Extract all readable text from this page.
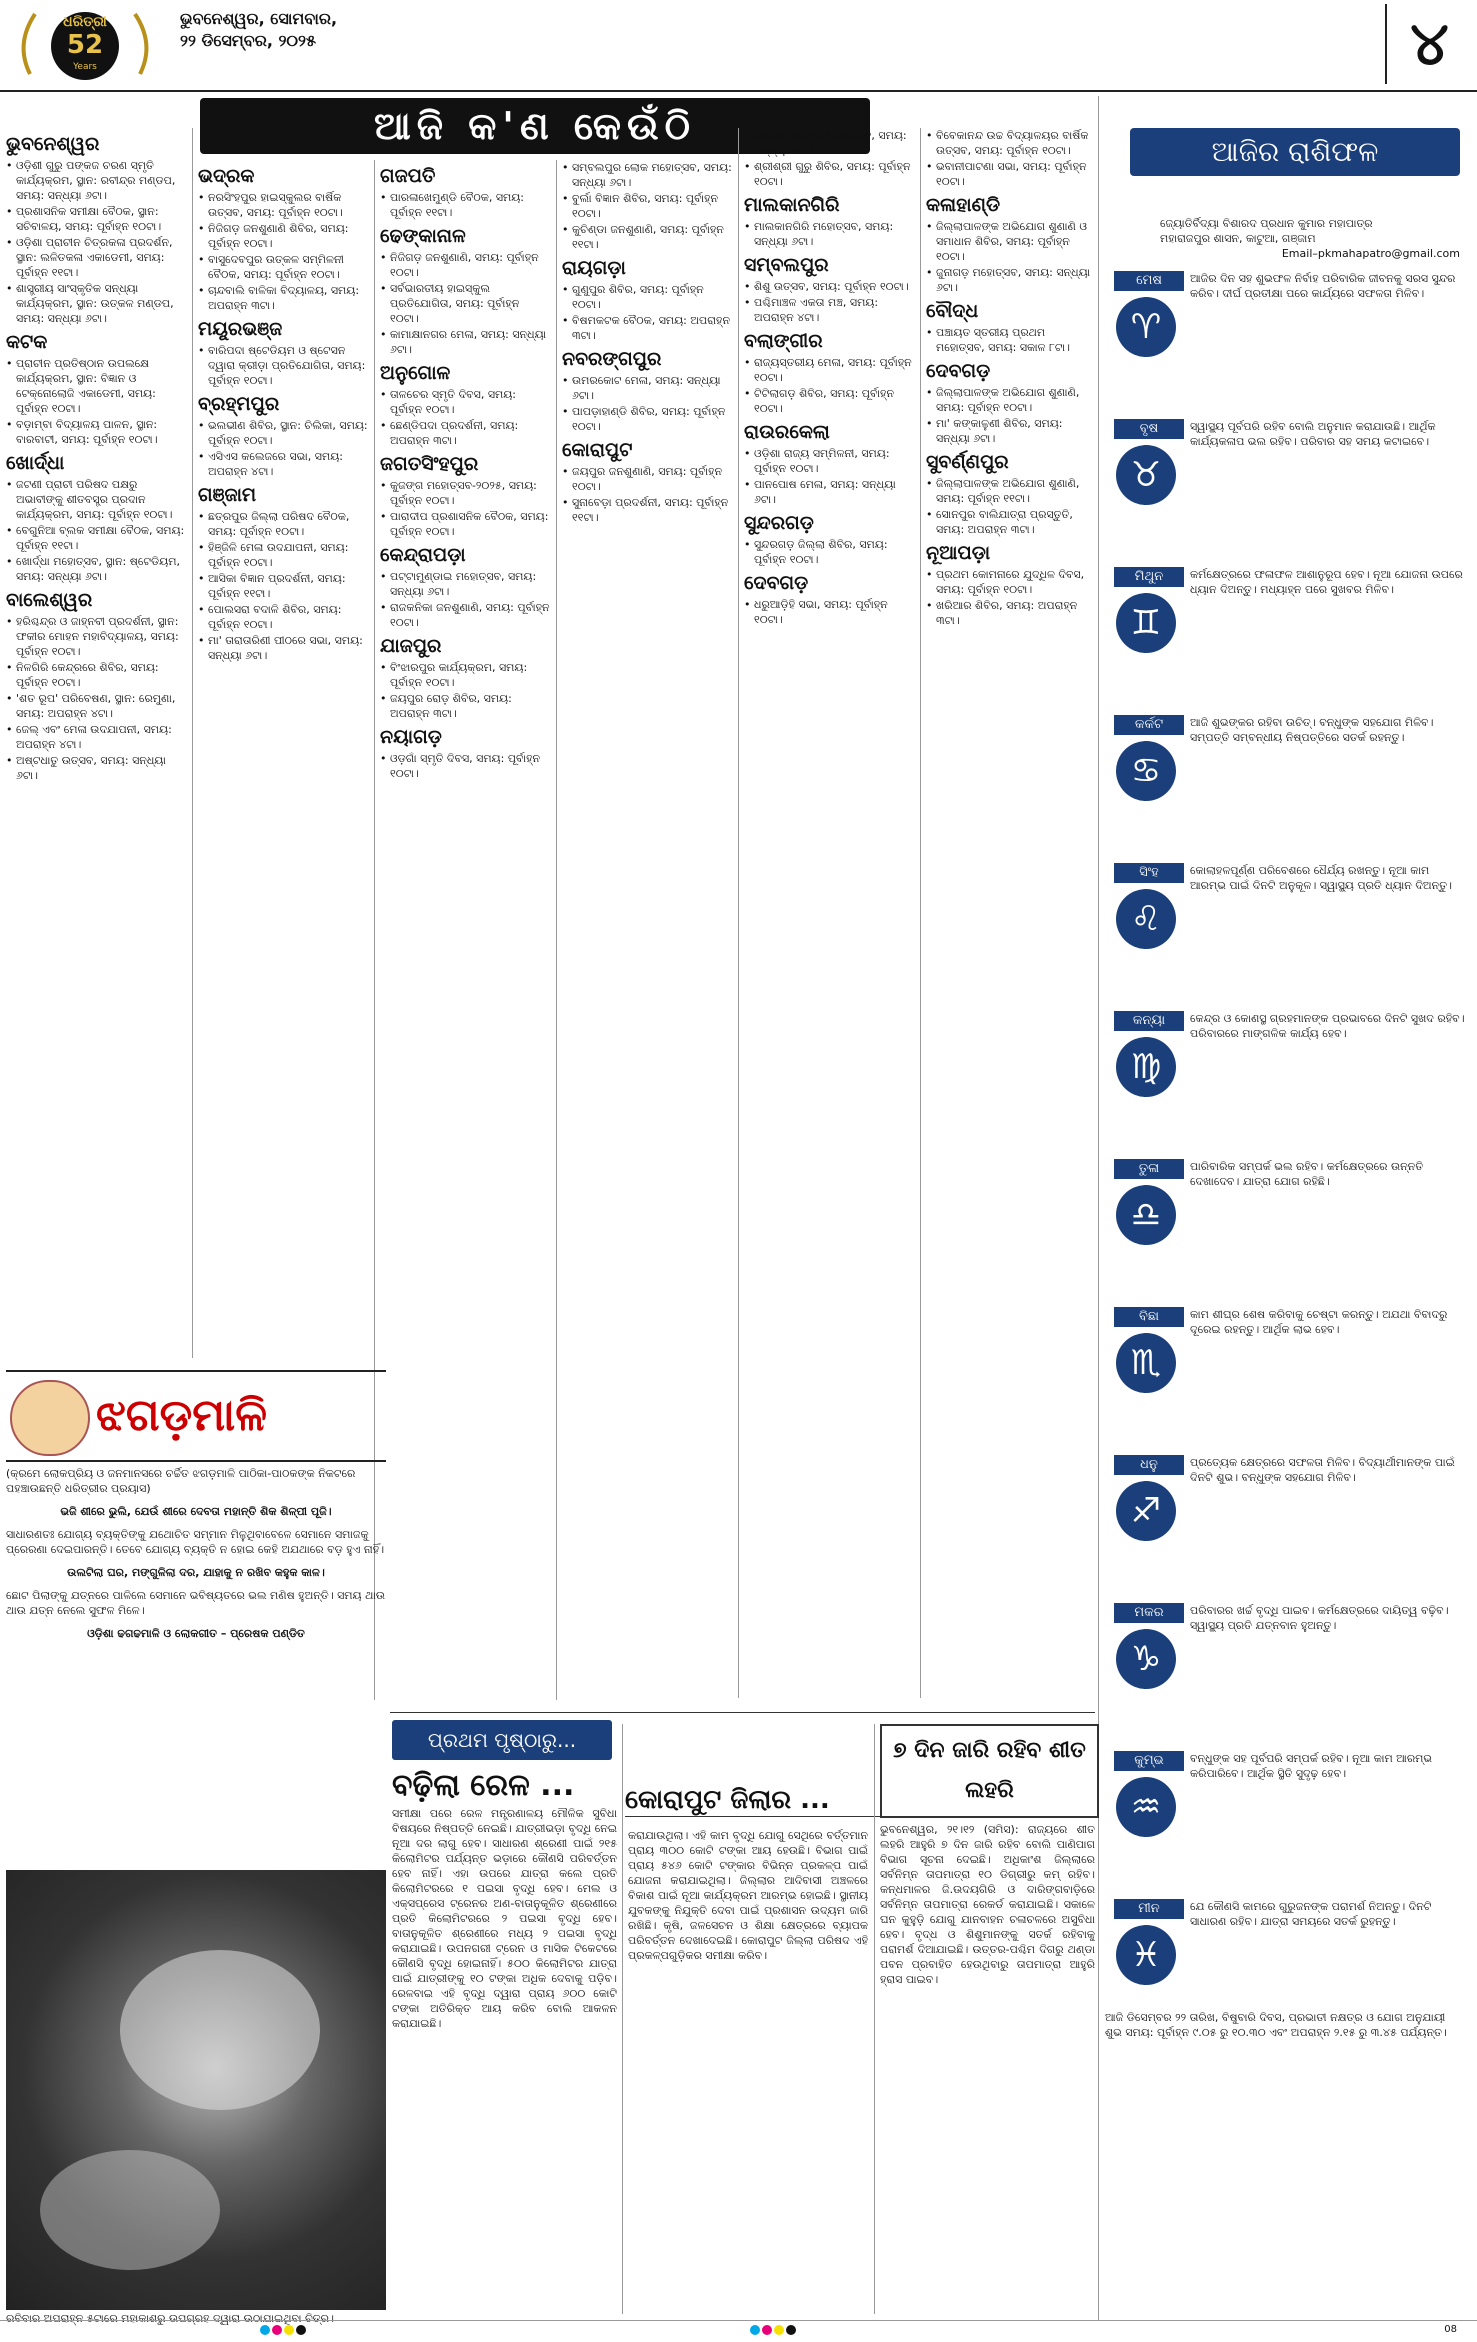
ଧରିତ୍ରୀ
52
Years
ଭୁବନେଶ୍ୱର, ସୋମବାର,
୨୨ ଡିସେମ୍ବର, ୨୦୨୫	୪
ଆଜି କ'ଣ କେଉଁଠି
ଭୁବନେଶ୍ୱର
• ଓଡ଼ିଶୀ ଗୁରୁ ପଙ୍କଜ ଚରଣ ସ୍ମୃତି କାର୍ଯ୍ୟକ୍ରମ, ସ୍ଥାନ: ରବୀନ୍ଦ୍ର ମଣ୍ଡପ, ସମୟ: ସନ୍ଧ୍ୟା ୬ଟା।
• ପ୍ରଶାସନିକ ସମୀକ୍ଷା ବୈଠକ, ସ୍ଥାନ: ସଚିବାଳୟ, ସମୟ: ପୂର୍ବାହ୍ନ ୧୦ଟା।
• ଓଡ଼ିଶା ପ୍ରାଚୀନ ଚିତ୍ରକଳା ପ୍ରଦର୍ଶନ, ସ୍ଥାନ: ଲଳିତକଳା ଏକାଡେମୀ, ସମୟ: ପୂର୍ବାହ୍ନ ୧୧ଟା।
• ଶାସ୍ତ୍ରୀୟ ସାଂସ୍କୃତିକ ସନ୍ଧ୍ୟା କାର୍ଯ୍ୟକ୍ରମ, ସ୍ଥାନ: ଉତ୍କଳ ମଣ୍ଡପ, ସମୟ: ସନ୍ଧ୍ୟା ୬ଟା।
କଟକ
• ପ୍ରାଚୀନ ପ୍ରତିଷ୍ଠାନ ଉପଲକ୍ଷେ କାର୍ଯ୍ୟକ୍ରମ, ସ୍ଥାନ: ବିଜ୍ଞାନ ଓ ଟେକ୍ନୋଲୋଜି ଏକାଡେମୀ, ସମୟ: ପୂର୍ବାହ୍ନ ୧୦ଟା।
• ବଡ଼ାମ୍ବା ବିଦ୍ୟାଳୟ ପାଳନ, ସ୍ଥାନ: ବାରବାଟୀ, ସମୟ: ପୂର୍ବାହ୍ନ ୧୦ଟା।
ଖୋର୍ଦ୍ଧା
• ଜଟଣୀ ପ୍ରାଚୀ ପରିଷଦ ପକ୍ଷରୁ ଅଭାବୀଙ୍କୁ ଶୀତବସ୍ତ୍ର ପ୍ରଦାନ କାର୍ଯ୍ୟକ୍ରମ, ସମୟ: ପୂର୍ବାହ୍ନ ୧୦ଟା।
• ବେଗୁନିଆ ବ୍ଲକ ସମୀକ୍ଷା ବୈଠକ, ସମୟ: ପୂର୍ବାହ୍ନ ୧୧ଟା।
• ଖୋର୍ଦ୍ଧା ମହୋତ୍ସବ, ସ୍ଥାନ: ଷ୍ଟେଡିୟମ, ସମୟ: ସନ୍ଧ୍ୟା ୬ଟା।
ବାଲେଶ୍ୱର
• ହରିଶ୍ଚନ୍ଦ୍ର ଓ ଜାହ୍ନବୀ ପ୍ରଦର୍ଶନୀ, ସ୍ଥାନ: ଫକୀର ମୋହନ ମହାବିଦ୍ୟାଳୟ, ସମୟ: ପୂର୍ବାହ୍ନ ୧୦ଟା।
• ନିଳଗିରି କେନ୍ଦ୍ରରେ ଶିବିର, ସମୟ: ପୂର୍ବାହ୍ନ ୧୦ଟା।
• 'ଶତ ରୂପ' ପରିବେଷଣ, ସ୍ଥାନ: ରେମୁଣା, ସମୟ: ଅପରାହ୍ନ ୪ଟା।
• ଜେଲ୍ ଏବଂ ମେଳା ଉଦଯାପନୀ, ସମୟ: ଅପରାହ୍ନ ୪ଟା।
• ଅଷ୍ଟଧାତୁ ଉତ୍ସବ, ସମୟ: ସନ୍ଧ୍ୟା ୬ଟା।
ଭଦ୍ରକ
• ନରସିଂହପୁର ହାଇସ୍କୁଲର ବାର୍ଷିକ ଉତ୍ସବ, ସମୟ: ପୂର୍ବାହ୍ନ ୧୦ଟା।
• ନିଜିଗଡ଼ ଜନଶୁଣାଣି ଶିବିର, ସମୟ: ପୂର୍ବାହ୍ନ ୧୦ଟା।
• ବାସୁଦେବପୁର ଉତ୍କଳ ସମ୍ମିଳନୀ ବୈଠକ, ସମୟ: ପୂର୍ବାହ୍ନ ୧୦ଟା।
• ଚାନ୍ଦବାଲି ବାଳିକା ବିଦ୍ୟାଳୟ, ସମୟ: ଅପରାହ୍ନ ୩ଟା।
ମୟୂରଭଞ୍ଜ
• ବାରିପଦା ଷ୍ଟେଡିୟମ ଓ ଷ୍ଟେସନ ଦ୍ୱାରା କ୍ରୀଡ଼ା ପ୍ରତିଯୋଗିତା, ସମୟ: ପୂର୍ବାହ୍ନ ୧୦ଟା।
ବ୍ରହ୍ମପୁର
• ଭଲଭୀଣ ଶିବିର, ସ୍ଥାନ: ଚିଲିକା, ସମୟ: ପୂର୍ବାହ୍ନ ୧୦ଟା।
• ଏସିଏସ କଲେଜରେ ସଭା, ସମୟ: ଅପରାହ୍ନ ୪ଟା।
ଗଞ୍ଜାମ
• ଛତ୍ରପୁର ଜିଲ୍ଲା ପରିଷଦ ବୈଠକ, ସମୟ: ପୂର୍ବାହ୍ନ ୧୦ଟା।
• ହିଞ୍ଜିଳି ମେଳା ଉଦଯାପନୀ, ସମୟ: ପୂର୍ବାହ୍ନ ୧୦ଟା।
• ଆସିକା ବିଜ୍ଞାନ ପ୍ରଦର୍ଶନୀ, ସମୟ: ପୂର୍ବାହ୍ନ ୧୧ଟା।
• ପୋଲସରା ବଦାଳି ଶିବିର, ସମୟ: ପୂର୍ବାହ୍ନ ୧୦ଟା।
• ମା' ତାରାତାରିଣୀ ପୀଠରେ ସଭା, ସମୟ: ସନ୍ଧ୍ୟା ୬ଟା।
ଗଜପତି
• ପାରଳାଖେମୁଣ୍ଡି ବୈଠକ, ସମୟ: ପୂର୍ବାହ୍ନ ୧୧ଟା।
ଢେଙ୍କାନାଳ
• ନିଜିଗଡ଼ ଜନଶୁଣାଣି, ସମୟ: ପୂର୍ବାହ୍ନ ୧୦ଟା।
• ସର୍ବଭାରତୀୟ ହାଇସ୍କୁଲ ପ୍ରତିଯୋଗିତା, ସମୟ: ପୂର୍ବାହ୍ନ ୧୦ଟା।
• କାମାକ୍ଷାନଗର ମେଳା, ସମୟ: ସନ୍ଧ୍ୟା ୬ଟା।
ଅନୁଗୋଳ
• ତାଳଚେର ସ୍ମୃତି ଦିବସ, ସମୟ: ପୂର୍ବାହ୍ନ ୧୦ଟା।
• ଛେଣ୍ଡିପଦା ପ୍ରଦର୍ଶନୀ, ସମୟ: ଅପରାହ୍ନ ୩ଟା।
ଜଗତସିଂହପୁର
• କୁଜଙ୍ଗ ମହୋତ୍ସବ-୨୦୨୫, ସମୟ: ପୂର୍ବାହ୍ନ ୧୦ଟା।
• ପାରାଦୀପ ପ୍ରଶାସନିକ ବୈଠକ, ସମୟ: ପୂର୍ବାହ୍ନ ୧୦ଟା।
କେନ୍ଦ୍ରାପଡ଼ା
• ପଟ୍ଟାମୁଣ୍ଡାଇ ମହୋତ୍ସବ, ସମୟ: ସନ୍ଧ୍ୟା ୬ଟା।
• ରାଜକନିକା ଜନଶୁଣାଣି, ସମୟ: ପୂର୍ବାହ୍ନ ୧୦ଟା।
ଯାଜପୁର
• ବିଂଝାରପୁର କାର୍ଯ୍ୟକ୍ରମ, ସମୟ: ପୂର୍ବାହ୍ନ ୧୦ଟା।
• ଜୟପୁର ରୋଡ଼ ଶିବିର, ସମୟ: ଅପରାହ୍ନ ୩ଟା।
ନୟାଗଡ଼
• ଓଡ଼ଗାଁ ସ୍ମୃତି ଦିବସ, ସମୟ: ପୂର୍ବାହ୍ନ ୧୦ଟା।
• ସମ୍ବଲପୁର ଲୋକ ମହୋତ୍ସବ, ସମୟ: ସନ୍ଧ୍ୟା ୬ଟା।
• ବୁର୍ଲା ବିଜ୍ଞାନ ଶିବିର, ସମୟ: ପୂର୍ବାହ୍ନ ୧୦ଟା।
• କୁଚିଣ୍ଡା ଜନଶୁଣାଣି, ସମୟ: ପୂର୍ବାହ୍ନ ୧୧ଟା।
ରାୟଗଡ଼ା
• ଗୁଣୁପୁର ଶିବିର, ସମୟ: ପୂର୍ବାହ୍ନ ୧୦ଟା।
• ବିଷମକଟକ ବୈଠକ, ସମୟ: ଅପରାହ୍ନ ୩ଟା।
ନବରଙ୍ଗପୁର
• ଉମରକୋଟ ମେଳା, ସମୟ: ସନ୍ଧ୍ୟା ୬ଟା।
• ପାପଡ଼ାହାଣ୍ଡି ଶିବିର, ସମୟ: ପୂର୍ବାହ୍ନ ୧୦ଟା।
କୋରାପୁଟ
• ଜୟପୁର ଜନଶୁଣାଣି, ସମୟ: ପୂର୍ବାହ୍ନ ୧୦ଟା।
• ସୁନାବେଡ଼ା ପ୍ରଦର୍ଶନୀ, ସମୟ: ପୂର୍ବାହ୍ନ ୧୧ଟା।
• ସାମ୍ବଲ କେନ୍ଦ୍ର ମହୋତ୍ସବ, ସମୟ: ସନ୍ଧ୍ୟା ୬ଟା।
• ଶ୍ରୀଶ୍ରୀ ଗୁରୁ ଶିବିର, ସମୟ: ପୂର୍ବାହ୍ନ ୧୦ଟା।
ମାଲକାନଗିରି
• ମାଲକାନଗିରି ମହୋତ୍ସବ, ସମୟ: ସନ୍ଧ୍ୟା ୬ଟା।
ସମ୍ବଲପୁର
• ଶିଶୁ ଉତ୍ସବ, ସମୟ: ପୂର୍ବାହ୍ନ ୧୦ଟା।
• ପଶ୍ଚିମାଞ୍ଚଳ ଏକତା ମଞ୍ଚ, ସମୟ: ଅପରାହ୍ନ ୪ଟା।
ବଲାଙ୍ଗୀର
• ରାଜ୍ୟସ୍ତରୀୟ ମେଳା, ସମୟ: ପୂର୍ବାହ୍ନ ୧୦ଟା।
• ଟିଟିଲାଗଡ଼ ଶିବିର, ସମୟ: ପୂର୍ବାହ୍ନ ୧୦ଟା।
ରାଉରକେଲା
• ଓଡ଼ିଶା ରାଜ୍ୟ ସମ୍ମିଳନୀ, ସମୟ: ପୂର୍ବାହ୍ନ ୧୦ଟା।
• ପାନପୋଷ ମେଳା, ସମୟ: ସନ୍ଧ୍ୟା ୬ଟା।
ସୁନ୍ଦରଗଡ଼
• ସୁନ୍ଦରଗଡ଼ ଜିଲ୍ଲା ଶିବିର, ସମୟ: ପୂର୍ବାହ୍ନ ୧୦ଟା।
ଦେବଗଡ଼
• ଧରୁଆଡ଼ିହି ସଭା, ସମୟ: ପୂର୍ବାହ୍ନ ୧୦ଟା।
• ବିବେକାନନ୍ଦ ଉଚ୍ଚ ବିଦ୍ୟାଳୟର ବାର୍ଷିକ ଉତ୍ସବ, ସମୟ: ପୂର୍ବାହ୍ନ ୧୦ଟା।
• ଭବାନୀପାଟଣା ସଭା, ସମୟ: ପୂର୍ବାହ୍ନ ୧୦ଟା।
କଳାହାଣ୍ଡି
• ଜିଲ୍ଲାପାଳଙ୍କ ଅଭିଯୋଗ ଶୁଣାଣି ଓ ସମାଧାନ ଶିବିର, ସମୟ: ପୂର୍ବାହ୍ନ ୧୦ଟା।
• ଜୁନାଗଡ଼ ମହୋତ୍ସବ, ସମୟ: ସନ୍ଧ୍ୟା ୬ଟା।
ବୌଦ୍ଧ
• ପଞ୍ଚାୟତ ସ୍ତରୀୟ ପ୍ରଥମ ମହୋତ୍ସବ, ସମୟ: ସକାଳ ୮ଟା।
ଦେବଗଡ଼
• ଜିଲ୍ଲାପାଳଙ୍କ ଅଭିଯୋଗ ଶୁଣାଣି, ସମୟ: ପୂର୍ବାହ୍ନ ୧୦ଟା।
• ମା' କଙ୍କାଳୁଣୀ ଶିବିର, ସମୟ: ସନ୍ଧ୍ୟା ୬ଟା।
ସୁବର୍ଣ୍ଣପୁର
• ଜିଲ୍ଲାପାଳଙ୍କ ଅଭିଯୋଗ ଶୁଣାଣି, ସମୟ: ପୂର୍ବାହ୍ନ ୧୧ଟା।
• ସୋନପୁର ବାଲିଯାତ୍ରା ପ୍ରସ୍ତୁତି, ସମୟ: ଅପରାହ୍ନ ୩ଟା।
ନୂଆପଡ଼ା
• ପ୍ରଥମ କୋମନାରେ ଯୁଦ୍ଧିଳ ଦିବସ, ସମୟ: ପୂର୍ବାହ୍ନ ୧୦ଟା।
• ଖରିଆର ଶିବିର, ସମୟ: ଅପରାହ୍ନ ୩ଟା।
ଆଜିର ରାଶିଫଳ
ଜ୍ୟୋତିର୍ବିଦ୍ୟା ବିଶାରଦ ପ୍ରଧାନ କୁମାର ମହାପାତ୍ର
ମହାରାଜପୁର ଶାସନ, କାଟୁଆ, ଗଞ୍ଜାମ
Email–pkmahapatro@gmail.com
ମେଷ
♈
ଆଜିର ଦିନ ସହ ଶୁଭଫଳ ନିର୍ବାହ ପରିବାରିକ ଜୀବନକୁ ସରସ ସୁନ୍ଦର କରିବ। ଦୀର୍ଘ ପ୍ରତୀକ୍ଷା ପରେ କାର୍ଯ୍ୟରେ ସଫଳତା ମିଳିବ।
ବୃଷ
♉
ସ୍ୱାସ୍ଥ୍ୟ ପୂର୍ବପରି ରହିବ ବୋଲି ଅନୁମାନ କରାଯାଉଛି। ଆର୍ଥିକ କାର୍ଯ୍ୟକଳାପ ଭଲ ରହିବ। ପରିବାର ସହ ସମୟ କଟାଇବେ।
ମିଥୁନ
♊
କର୍ମକ୍ଷେତ୍ରରେ ଫଳାଫଳ ଆଶାନୁରୂପ ହେବ। ନୂଆ ଯୋଜନା ଉପରେ ଧ୍ୟାନ ଦିଅନ୍ତୁ। ମଧ୍ୟାହ୍ନ ପରେ ସୁଖବର ମିଳିବ।
କର୍କଟ
♋
ଆଜି ଶୁଭଙ୍କର ରହିବା ଉଚିତ୍। ବନ୍ଧୁଙ୍କ ସହଯୋଗ ମିଳିବ। ସମ୍ପତ୍ତି ସମ୍ବନ୍ଧୀୟ ନିଷ୍ପତ୍ତିରେ ସତର୍କ ରହନ୍ତୁ।
ସିଂହ
♌
କୋଲାହଳପୂର୍ଣ୍ଣ ପରିବେଶରେ ଧୈର୍ଯ୍ୟ ରଖନ୍ତୁ। ନୂଆ କାମ ଆରମ୍ଭ ପାଇଁ ଦିନଟି ଅନୁକୂଳ। ସ୍ୱାସ୍ଥ୍ୟ ପ୍ରତି ଧ୍ୟାନ ଦିଅନ୍ତୁ।
କନ୍ୟା
♍
କେନ୍ଦ୍ର ଓ କୋଣସ୍ଥ ଗ୍ରହମାନଙ୍କ ପ୍ରଭାବରେ ଦିନଟି ସୁଖଦ ରହିବ। ପରିବାରରେ ମାଙ୍ଗଳିକ କାର୍ଯ୍ୟ ହେବ।
ତୁଳା
♎
ପାରିବାରିକ ସମ୍ପର୍କ ଭଲ ରହିବ। କର୍ମକ୍ଷେତ୍ରରେ ଉନ୍ନତି ଦେଖାଦେବ। ଯାତ୍ରା ଯୋଗ ରହିଛି।
ବିଛା
♏
କାମ ଶୀଘ୍ର ଶେଷ କରିବାକୁ ଚେଷ୍ଟା କରନ୍ତୁ। ଅଯଥା ବିବାଦରୁ ଦୂରେଇ ରହନ୍ତୁ। ଆର୍ଥିକ ଲାଭ ହେବ।
ଧନୁ
♐
ପ୍ରତ୍ୟେକ କ୍ଷେତ୍ରରେ ସଫଳତା ମିଳିବ। ବିଦ୍ୟାର୍ଥୀମାନଙ୍କ ପାଇଁ ଦିନଟି ଶୁଭ। ବନ୍ଧୁଙ୍କ ସହଯୋଗ ମିଳିବ।
ମକର
♑
ପରିବାରର ଖର୍ଚ୍ଚ ବୃଦ୍ଧି ପାଇବ। କର୍ମକ୍ଷେତ୍ରରେ ଦାୟିତ୍ୱ ବଢ଼ିବ। ସ୍ୱାସ୍ଥ୍ୟ ପ୍ରତି ଯତ୍ନବାନ ହୁଅନ୍ତୁ।
କୁମ୍ଭ
♒
ବନ୍ଧୁଙ୍କ ସହ ପୂର୍ବପରି ସମ୍ପର୍କ ରହିବ। ନୂଆ କାମ ଆରମ୍ଭ କରିପାରିବେ। ଆର୍ଥିକ ସ୍ଥିତି ସୁଦୃଢ଼ ହେବ।
ମୀନ
♓
ଯେ କୌଣସି କାମରେ ଗୁରୁଜନଙ୍କ ପରାମର୍ଶ ନିଅନ୍ତୁ। ଦିନଟି ସାଧାରଣ ରହିବ। ଯାତ୍ରା ସମୟରେ ସତର୍କ ରୁହନ୍ତୁ।
ଆଜି ଡିସେମ୍ବର ୨୨ ତାରିଖ, ବିଷୁବାରି ଦିବସ, ପ୍ରଭାତୀ ନକ୍ଷତ୍ର ଓ ଯୋଗ ଅନୁଯାୟୀ ଶୁଭ ସମୟ: ପୂର୍ବାହ୍ନ ୯.୦୫ ରୁ ୧୦.୩୦ ଏବଂ ଅପରାହ୍ନ ୨.୧୫ ରୁ ୩.୪୫ ପର୍ଯ୍ୟନ୍ତ।
ଝଗଡ଼ମାଳି

(କ୍ରମେ ଲୋକପ୍ରିୟ ଓ ଜନମାନସରେ ଚର୍ଚ୍ଚିତ ଝଗଡ଼ମାଳି ପାଠିକା-ପାଠକଙ୍କ ନିକଟରେ ପହଞ୍ଚାଉଛନ୍ତି ଧରିତ୍ରୀର ପ୍ରୟାସ)

ଭଜି ଶୀରେ ଭୁଲି, ଯେଉଁ ଶୀରେ ଦେବତା ମହାନ୍ତି ଶିକ ଶିଳ୍ପୀ ପୂଜି।

ସାଧାରଣତଃ ଯୋଗ୍ୟ ବ୍ୟକ୍ତିଙ୍କୁ ଯଥୋଚିତ ସମ୍ମାନ ମିଳୁଥିବାବେଳେ ସେମାନେ ସମାଜକୁ ପ୍ରେରଣା ଦେଇପାରନ୍ତି। ତେବେ ଯୋଗ୍ୟ ବ୍ୟକ୍ତି ନ ହୋଇ କେହି ଅଯଥାରେ ବଡ଼ ହୁଏ ନାହିଁ।

ଉଲଟିଲା ଘର, ମଙ୍ଗୁଳିଲା ଦର, ଯାହାକୁ ନ ରଖିବ କହୁକ କାଳ।

ଛୋଟ ପିଲାଙ୍କୁ ଯତ୍ନରେ ପାଳିଲେ ସେମାନେ ଭବିଷ୍ୟତରେ ଭଲ ମଣିଷ ହୁଅନ୍ତି। ସମୟ ଥାଉ ଥାଉ ଯତ୍ନ ନେଲେ ସୁଫଳ ମିଳେ।

ଓଡ଼ିଶା ଢଗଢମାଳି ଓ ଲୋକଗୀତ – ପ୍ରେଷକ ପଣ୍ଡିତ

ରବିବାର ଅପରାହ୍ନ ୫ଟାରେ ମହାକାଶରୁ ଉପଗ୍ରହ ଦ୍ୱାରା ଉଠାଯାଇଥିବା ଚିତ୍ର।
ପ୍ରଥମ ପୃଷ୍ଠାରୁ...
ବଢ଼ିଲା ରେଳ ...
ସମୀକ୍ଷା ପରେ ରେଳ ମନ୍ତ୍ରଣାଳୟ ମୌଳିକ ସୁବିଧା ବିଷୟରେ ନିଷ୍ପତ୍ତି ନେଇଛି। ଯାତ୍ରୀଭଡ଼ା ବୃଦ୍ଧି ନେଇ ନୂଆ ଦର ଲାଗୁ ହେବ। ସାଧାରଣ ଶ୍ରେଣୀ ପାଇଁ ୨୧୫ କିଲୋମିଟର ପର୍ଯ୍ୟନ୍ତ ଭଡ଼ାରେ କୌଣସି ପରିବର୍ତ୍ତନ ହେବ ନାହିଁ। ଏହା ଉପରେ ଯାତ୍ରା କଲେ ପ୍ରତି କିଲୋମିଟରରେ ୧ ପଇସା ବୃଦ୍ଧି ହେବ। ମେଲ ଓ ଏକ୍ସପ୍ରେସ ଟ୍ରେନର ଅଣ-ବାତାନୁକୂଳିତ ଶ୍ରେଣୀରେ ପ୍ରତି କିଲୋମିଟରରେ ୨ ପଇସା ବୃଦ୍ଧି ହେବ। ବାତାନୁକୂଳିତ ଶ୍ରେଣୀରେ ମଧ୍ୟ ୨ ପଇସା ବୃଦ୍ଧି କରାଯାଇଛି। ଉପନଗରୀ ଟ୍ରେନ ଓ ମାସିକ ଟିକେଟରେ କୌଣସି ବୃଦ୍ଧି ହୋଇନାହିଁ। ୫୦୦ କିଲୋମିଟର ଯାତ୍ରା ପାଇଁ ଯାତ୍ରୀଙ୍କୁ ୧୦ ଟଙ୍କା ଅଧିକ ଦେବାକୁ ପଡ଼ିବ। ରେଳବାଇ ଏହି ବୃଦ୍ଧି ଦ୍ୱାରା ପ୍ରାୟ ୬୦୦ କୋଟି ଟଙ୍କା ଅତିରିକ୍ତ ଆୟ କରିବ ବୋଲି ଆକଳନ କରାଯାଇଛି।
କୋରାପୁଟ ଜିଲାର ...
କରାଯାଉଥିଲା। ଏହି କାମ ବୃଦ୍ଧି ଯୋଗୁ ସେଥିରେ ବର୍ତ୍ତମାନ ପ୍ରାୟ ୩୦୦ କୋଟି ଟଙ୍କା ଆୟ ହେଉଛି। ବିଭାଗ ପାଇଁ ପ୍ରାୟ ୫୪୬ କୋଟି ଟଙ୍କାର ବିଭିନ୍ନ ପ୍ରକଳ୍ପ ପାଇଁ ଯୋଜନା କରାଯାଇଥିଲା। ଜିଲ୍ଲାର ଆଦିବାସୀ ଅଞ୍ଚଳରେ ବିକାଶ ପାଇଁ ନୂଆ କାର୍ଯ୍ୟକ୍ରମ ଆରମ୍ଭ ହୋଇଛି। ସ୍ଥାନୀୟ ଯୁବକଙ୍କୁ ନିଯୁକ୍ତି ଦେବା ପାଇଁ ପ୍ରଶାସନ ଉଦ୍ୟମ ଜାରି ରଖିଛି। କୃଷି, ଜଳସେଚନ ଓ ଶିକ୍ଷା କ୍ଷେତ୍ରରେ ବ୍ୟାପକ ପରିବର୍ତ୍ତନ ଦେଖାଦେଇଛି। କୋରାପୁଟ ଜିଲ୍ଲା ପରିଷଦ ଏହି ପ୍ରକଳ୍ପଗୁଡ଼ିକର ସମୀକ୍ଷା କରିବ।
୭ ଦିନ ଜାରି ରହିବ ଶୀତ ଲହରି
ଭୁବନେଶ୍ୱର, ୨୧।୧୨ (ସମିସ): ରାଜ୍ୟରେ ଶୀତ ଲହରି ଆହୁରି ୭ ଦିନ ଜାରି ରହିବ ବୋଲି ପାଣିପାଗ ବିଭାଗ ସୂଚନା ଦେଇଛି। ଅଧିକାଂଶ ଜିଲ୍ଲାରେ ସର୍ବନିମ୍ନ ତାପମାତ୍ରା ୧୦ ଡିଗ୍ରୀରୁ କମ୍ ରହିବ। କନ୍ଧମାଳର ଜି.ଉଦୟଗିରି ଓ ଦାରିଙ୍ଗବାଡ଼ିରେ ସର୍ବନିମ୍ନ ତାପମାତ୍ରା ରେକର୍ଡ କରାଯାଇଛି। ସକାଳେ ଘନ କୁହୁଡ଼ି ଯୋଗୁ ଯାନବାହନ ଚଳାଚଳରେ ଅସୁବିଧା ହେବ। ବୃଦ୍ଧ ଓ ଶିଶୁମାନଙ୍କୁ ସତର୍କ ରହିବାକୁ ପରାମର୍ଶ ଦିଆଯାଇଛି। ଉତ୍ତର-ପଶ୍ଚିମ ଦିଗରୁ ଥଣ୍ଡା ପବନ ପ୍ରବାହିତ ହେଉଥିବାରୁ ତାପମାତ୍ରା ଆହୁରି ହ୍ରାସ ପାଇବ।

08
